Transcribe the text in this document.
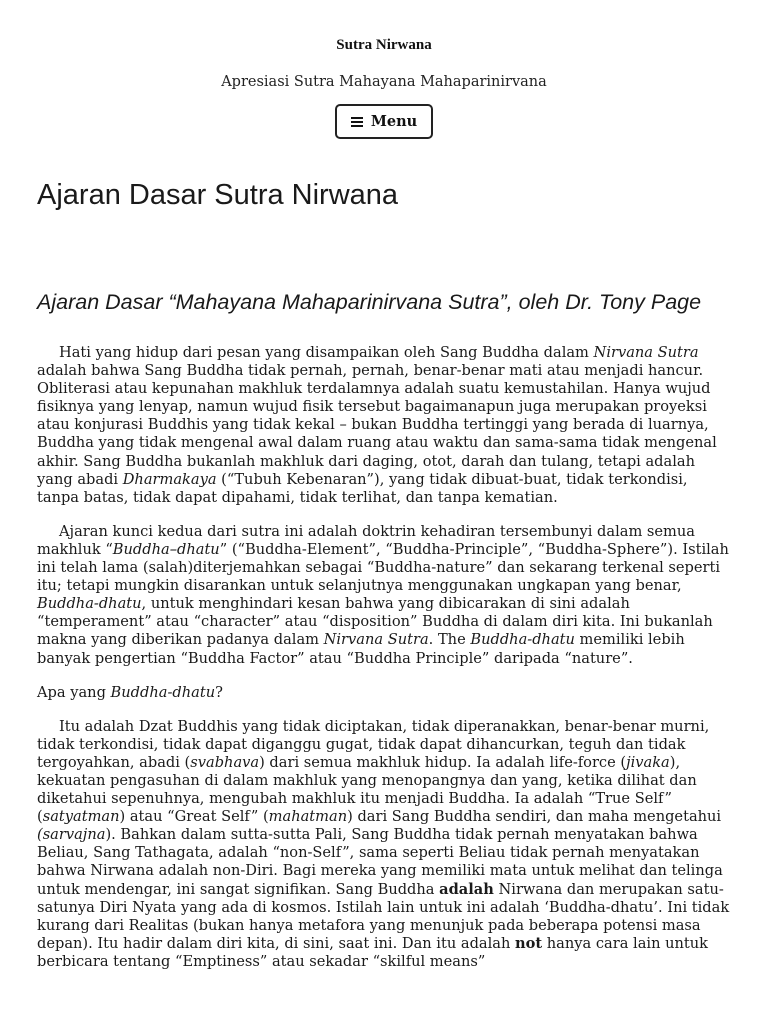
Sutra Nirwana

Apresiasi Sutra Mahayana Mahaparinirvana

Menu
Ajaran Dasar Sutra Nirwana
Ajaran Dasar “Mahayana Mahaparinirvana Sutra”, oleh Dr. Tony Page

Hati yang hidup dari pesan yang disampaikan oleh Sang Buddha dalam Nirvana Sutra adalah bahwa Sang Buddha tidak pernah, pernah, benar-benar mati atau menjadi hancur. Obliterasi atau kepunahan makhluk terdalamnya adalah suatu kemustahilan. Hanya wujud fisiknya yang lenyap, namun wujud fisik tersebut bagaimanapun juga merupakan proyeksi atau konjurasi Buddhis yang tidak kekal – bukan Buddha tertinggi yang berada di luarnya, Buddha yang tidak mengenal awal dalam ruang atau waktu dan sama-sama tidak mengenal akhir. Sang Buddha bukanlah makhluk dari daging, otot, darah dan tulang, tetapi adalah yang abadi Dharmakaya (“Tubuh Kebenaran”), yang tidak dibuat-buat, tidak terkondisi, tanpa batas, tidak dapat dipahami, tidak terlihat, dan tanpa kematian.

Ajaran kunci kedua dari sutra ini adalah doktrin kehadiran tersembunyi dalam semua makhluk “Buddha–dhatu” (“Buddha-Element”, “Buddha-Principle”, “Buddha-Sphere”). Istilah ini telah lama (salah)diterjemahkan sebagai “Buddha-nature” dan sekarang terkenal seperti itu; tetapi mungkin disarankan untuk selanjutnya menggunakan ungkapan yang benar, Buddha-dhatu, untuk menghindari kesan bahwa yang dibicarakan di sini adalah “temperament” atau “character” atau “disposition” Buddha di dalam diri kita. Ini bukanlah makna yang diberikan padanya dalam Nirvana Sutra. The Buddha-dhatu memiliki lebih banyak pengertian “Buddha Factor” atau “Buddha Principle” daripada “nature”.

Apa yang Buddha-dhatu?

Itu adalah Dzat Buddhis yang tidak diciptakan, tidak diperanakkan, benar-benar murni, tidak terkondisi, tidak dapat diganggu gugat, tidak dapat dihancurkan, teguh dan tidak tergoyahkan, abadi (svabhava) dari semua makhluk hidup. Ia adalah life-force (jivaka), kekuatan pengasuhan di dalam makhluk yang menopangnya dan yang, ketika dilihat dan diketahui sepenuhnya, mengubah makhluk itu menjadi Buddha. Ia adalah “True Self” (satyatman) atau “Great Self” (mahatman) dari Sang Buddha sendiri, dan maha mengetahui (sarvajna). Bahkan dalam sutta-sutta Pali, Sang Buddha tidak pernah menyatakan bahwa Beliau, Sang Tathagata, adalah “non-Self”, sama seperti Beliau tidak pernah menyatakan bahwa Nirwana adalah non-Diri. Bagi mereka yang memiliki mata untuk melihat dan telinga untuk mendengar, ini sangat signifikan. Sang Buddha adalah Nirwana dan merupakan satu-satunya Diri Nyata yang ada di kosmos. Istilah lain untuk ini adalah ‘Buddha-dhatu’. Ini tidak kurang dari Realitas (bukan hanya metafora yang menunjuk pada beberapa potensi masa depan). Itu hadir dalam diri kita, di sini, saat ini. Dan itu adalah not hanya cara lain untuk berbicara tentang “Emptiness” atau sekadar “skilful means”
